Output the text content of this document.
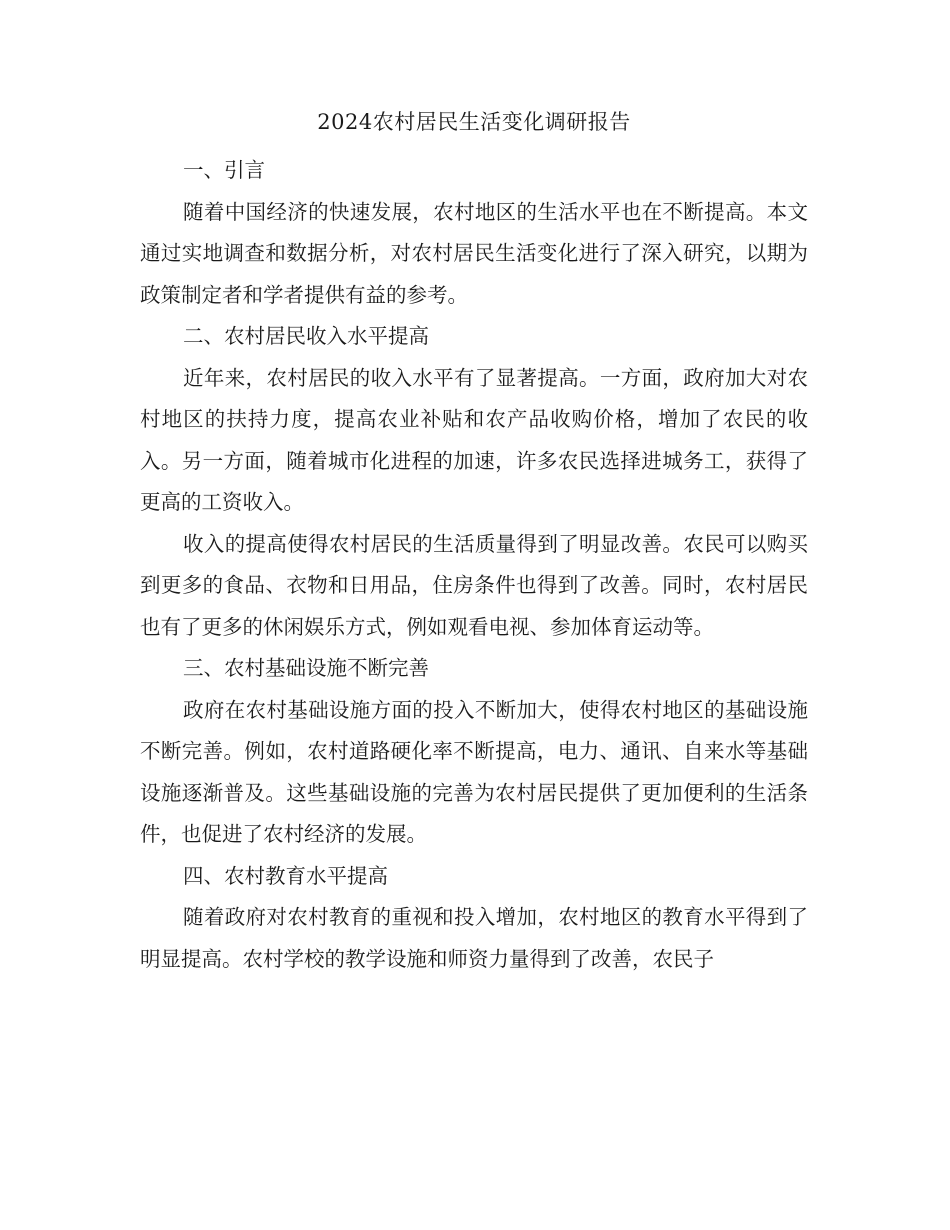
2024农村居民生活变化调研报告
一、引言

随着中国经济的快速发展，农村地区的生活水平也在不断提高。本文通过实地调查和数据分析，对农村居民生活变化进行了深入研究，以期为政策制定者和学者提供有益的参考。

二、农村居民收入水平提高

近年来，农村居民的收入水平有了显著提高。一方面，政府加大对农村地区的扶持力度，提高农业补贴和农产品收购价格，增加了农民的收入。另一方面，随着城市化进程的加速，许多农民选择进城务工，获得了更高的工资收入。

收入的提高使得农村居民的生活质量得到了明显改善。农民可以购买到更多的食品、衣物和日用品，住房条件也得到了改善。同时，农村居民也有了更多的休闲娱乐方式，例如观看电视、参加体育运动等。

三、农村基础设施不断完善

政府在农村基础设施方面的投入不断加大，使得农村地区的基础设施不断完善。例如，农村道路硬化率不断提高，电力、通讯、自来水等基础设施逐渐普及。这些基础设施的完善为农村居民提供了更加便利的生活条件，也促进了农村经济的发展。

四、农村教育水平提高

随着政府对农村教育的重视和投入增加，农村地区的教育水平得到了明显提高。农村学校的教学设施和师资力量得到了改善，农民子
